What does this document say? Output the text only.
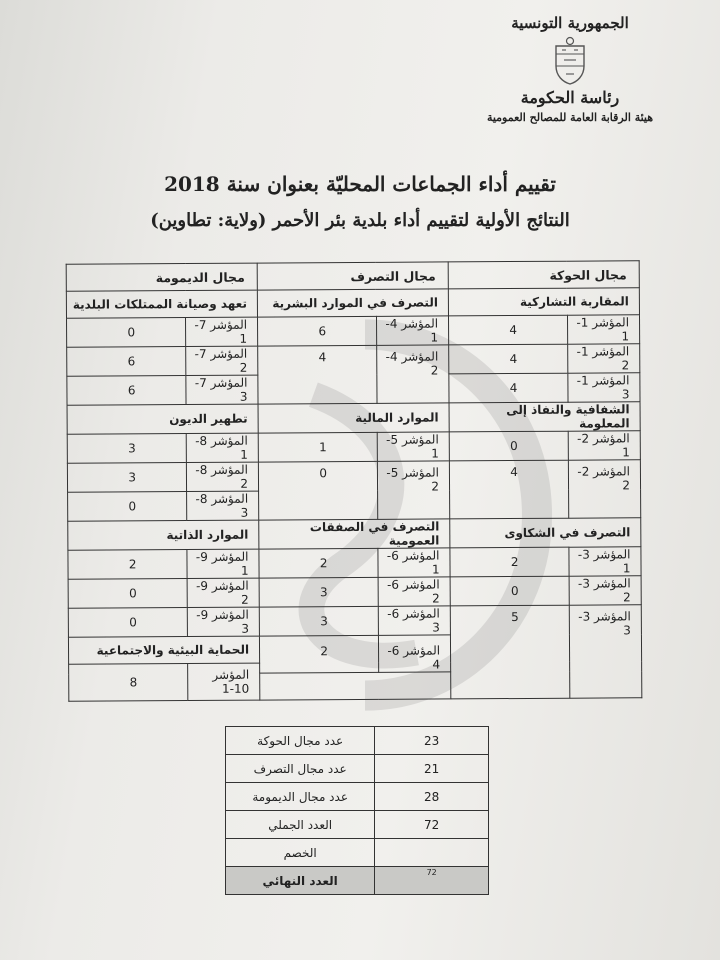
الجمهورية التونسية
رئاسة الحكومة
هيئة الرقابة العامة للمصالح العمومية
تقييم أداء الجماعات المحليّة بعنوان سنة 2018
النتائج الأولية لتقييم أداء بلدية بئر الأحمر (ولاية: تطاوين)
مجال الحوكة		مجال التصرف		مجال الديمومة	
المقاربة التشاركية		التصرف في الموارد البشرية		تعهد وصيانة الممتلكات البلدية	
المؤشر 1-1	4	المؤشر 4-1	6	المؤشر 7-1	0
المؤشر 1-2	4	المؤشر 4-2	4	المؤشر 7-2	6
المؤشر 1-3	4			المؤشر 7-3	6
الشفافية والنفاذ إلى المعلومة		الموارد المالية		تطهير الديون	
المؤشر 2-1	0	المؤشر 5-1	1	المؤشر 8-1	3
المؤشر 2-2	4	المؤشر 5-2	0	المؤشر 8-2	3
				المؤشر 8-3	0
التصرف في الشكاوى		التصرف في الصفقات العمومية		الموارد الذاتية	
المؤشر 3-1	2	المؤشر 6-1	2	المؤشر 9-1	2
المؤشر 3-2	0	المؤشر 6-2	3	المؤشر 9-2	0
المؤشر 3-3	5	المؤشر 6-3	3	المؤشر 9-3	0
		المؤشر 6-4	2	الحماية البيئية والاجتماعية	
				المؤشر 10-1	8

23	عدد مجال الحوكة
21	عدد مجال التصرف
28	عدد مجال الديمومة
72	العدد الجملي
	الخصم
72	العدد النهائي
